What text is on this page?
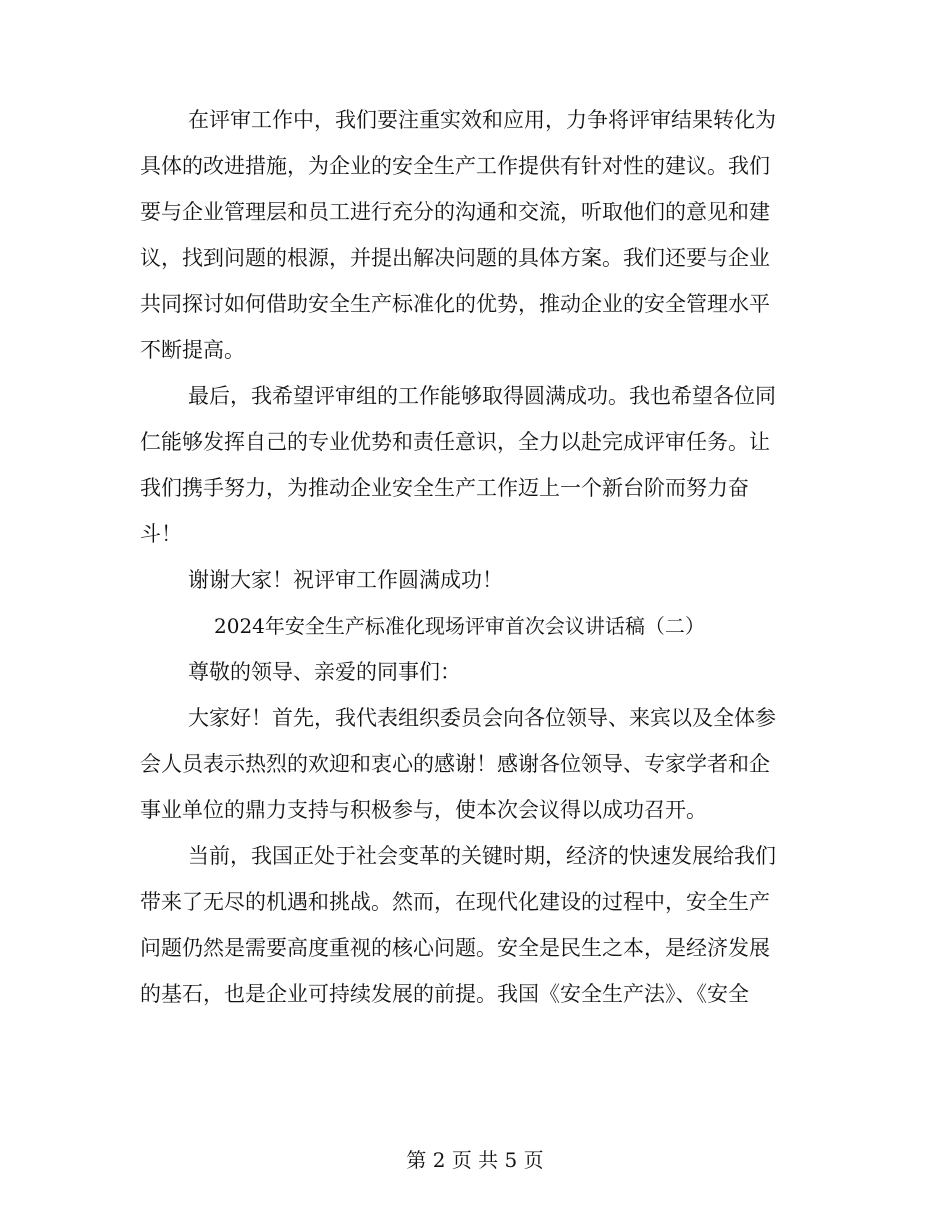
在评审工作中，我们要注重实效和应用，力争将评审结果转化为
具体的改进措施，为企业的安全生产工作提供有针对性的建议。我们
要与企业管理层和员工进行充分的沟通和交流，听取他们的意见和建
议，找到问题的根源，并提出解决问题的具体方案。我们还要与企业
共同探讨如何借助安全生产标准化的优势，推动企业的安全管理水平
不断提高。
最后，我希望评审组的工作能够取得圆满成功。我也希望各位同
仁能够发挥自己的专业优势和责任意识，全力以赴完成评审任务。让
我们携手努力，为推动企业安全生产工作迈上一个新台阶而努力奋
斗！
谢谢大家！祝评审工作圆满成功！
2024年安全生产标准化现场评审首次会议讲话稿（二）
尊敬的领导、亲爱的同事们：
大家好！首先，我代表组织委员会向各位领导、来宾以及全体参
会人员表示热烈的欢迎和衷心的感谢！感谢各位领导、专家学者和企
事业单位的鼎力支持与积极参与，使本次会议得以成功召开。
当前，我国正处于社会变革的关键时期，经济的快速发展给我们
带来了无尽的机遇和挑战。然而，在现代化建设的过程中，安全生产
问题仍然是需要高度重视的核心问题。安全是民生之本，是经济发展
的基石，也是企业可持续发展的前提。我国《安全生产法》、《安全
第 2 页 共 5 页
